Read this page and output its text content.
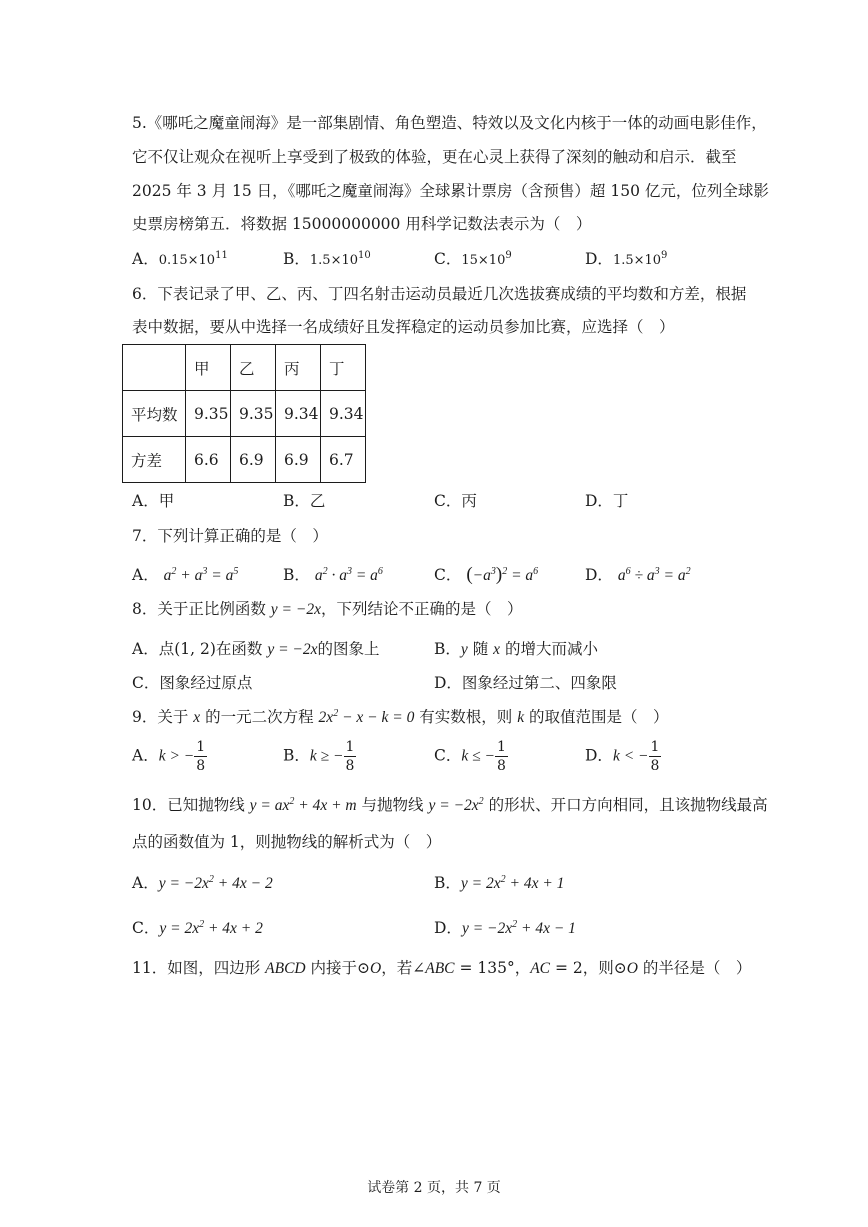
5.《哪吒之魔童闹海》是一部集剧情、角色塑造、特效以及文化内核于一体的动画电影佳作，
它不仅让观众在视听上享受到了极致的体验，更在心灵上获得了深刻的触动和启示．截至
2025 年 3 月 15 日，《哪吒之魔童闹海》全球累计票房（含预售）超 150 亿元，位列全球影
史票房榜第五．将数据 15000000000 用科学记数法表示为（　）
A．$0.15\times 10^{11}$	B．$1.5\times 10^{10}$	C．$15\times 10^9$	D．$1.5\times 10^9$
6．下表记录了甲、乙、丙、丁四名射击运动员最近几次选拔赛成绩的平均数和方差，根据
表中数据，要从中选择一名成绩好且发挥稳定的运动员参加比赛，应选择（　）
	甲	乙	丙	丁
平均数	9.35	9.35	9.34	9.34
方差	6.6	6.9	6.9	6.7
A．甲	B．乙	C．丙	D．丁
7．下列计算正确的是（　）
A． $a^2 + a^3 = a^5$	B． $a^2 \cdot a^3 = a^6$	C． $(-a^3)^2 = a^6$	D． $a^6 \div a^3 = a^2$
8．关于正比例函数 y = −2x，下列结论不正确的是（　）
A．点(1, 2)在函数 y = −2x的图象上	B．y 随 x 的增大而减小
C．图象经过原点	D．图象经过第二、四象限
9．关于 x 的一元二次方程 $2x^2 - x - k = 0$ 有实数根，则 k 的取值范围是（　）
A．k > − $\frac{1}{8}$	B．k ≥ − $\frac{1}{8}$	C．k ≤ − $\frac{1}{8}$	D．k < − $\frac{1}{8}$
10．已知抛物线 $y = ax^2 + 4x + m$ 与抛物线 $y = -2x^2$ 的形状、开口方向相同，且该抛物线最高
点的函数值为 1，则抛物线的解析式为（　）
A．$y = -2x^2 + 4x - 2$	B．$y = 2x^2 + 4x + 1$
C．$y = 2x^2 + 4x + 2$	D．$y = -2x^2 + 4x - 1$
11．如图，四边形 ABCD 内接于⊙O，若∠ABC = 135°，AC = 2，则⊙O 的半径是（　）
试卷第 2 页，共 7 页
